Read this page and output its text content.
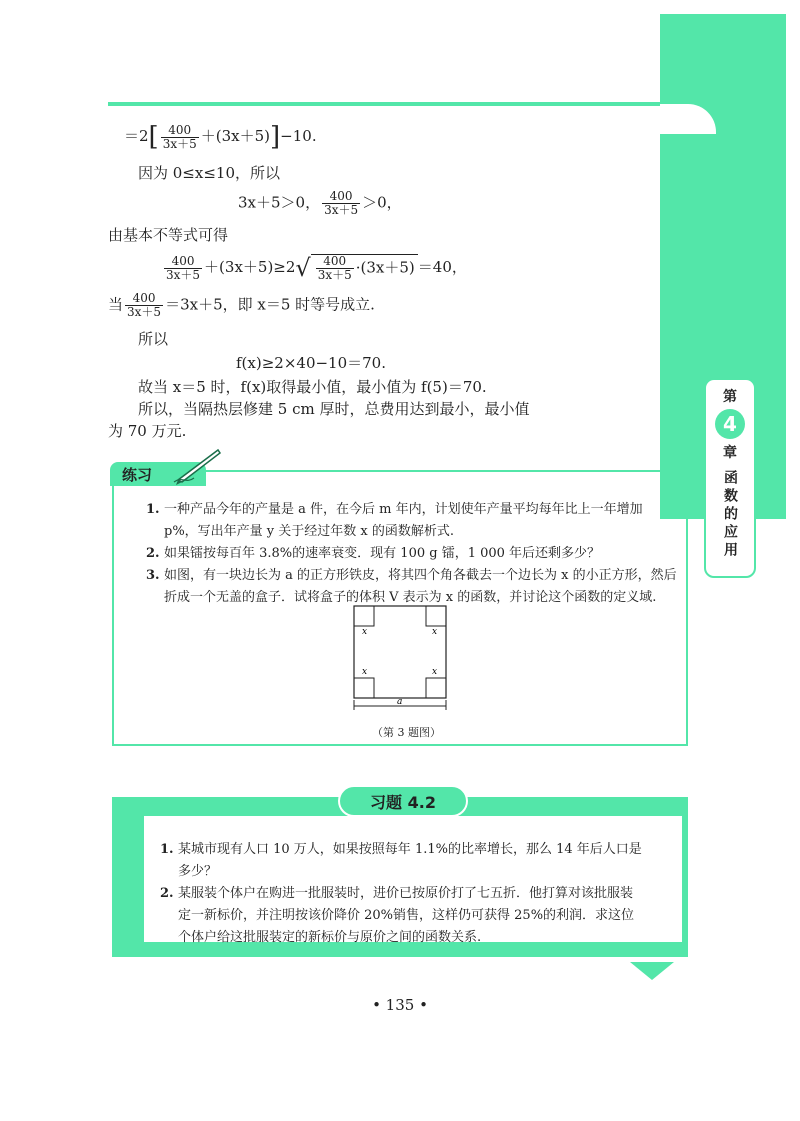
第
4
章
函数的应用
$=2[ \frac{400}{3x+5} +(3x+5)]-10$.
因为 0≤x≤10，所以
3x＋5＞0， $\frac{400}{3x+5} >0$，
由基本不等式可得
$\frac{400}{3x+5} +(3x+5)\ge 2√ \frac{400}{3x+5} \cdot(3x+5) =40$，
当 $\frac{400}{3x+5} =3x+5$，即 x＝5 时等号成立.
所以
f(x)≥2×40−10＝70.
故当 x＝5 时，f(x)取得最小值，最小值为 f(5)＝70.
所以，当隔热层修建 5 cm 厚时，总费用达到最小，最小值
为 70 万元.
练习
1. 一种产品今年的产量是 a 件，在今后 m 年内，计划使年产量平均每年比上一年增加
p%，写出年产量 y 关于经过年数 x 的函数解析式.
2. 如果镭按每百年 3.8%的速率衰变．现有 100 g 镭，1 000 年后还剩多少？
3. 如图，有一块边长为 a 的正方形铁皮，将其四个角各截去一个边长为 x 的小正方形，然后
折成一个无盖的盒子．试将盒子的体积 V 表示为 x 的函数，并讨论这个函数的定义域.
x	x
x	x
a
（第 3 题图）
习题 4.2
1. 某城市现有人口 10 万人，如果按照每年 1.1%的比率增长，那么 14 年后人口是
多少？
2. 某服装个体户在购进一批服装时，进价已按原价打了七五折．他打算对该批服装
定一新标价，并注明按该价降价 20%销售，这样仍可获得 25%的利润．求这位
个体户给这批服装定的新标价与原价之间的函数关系.
• 135 •
